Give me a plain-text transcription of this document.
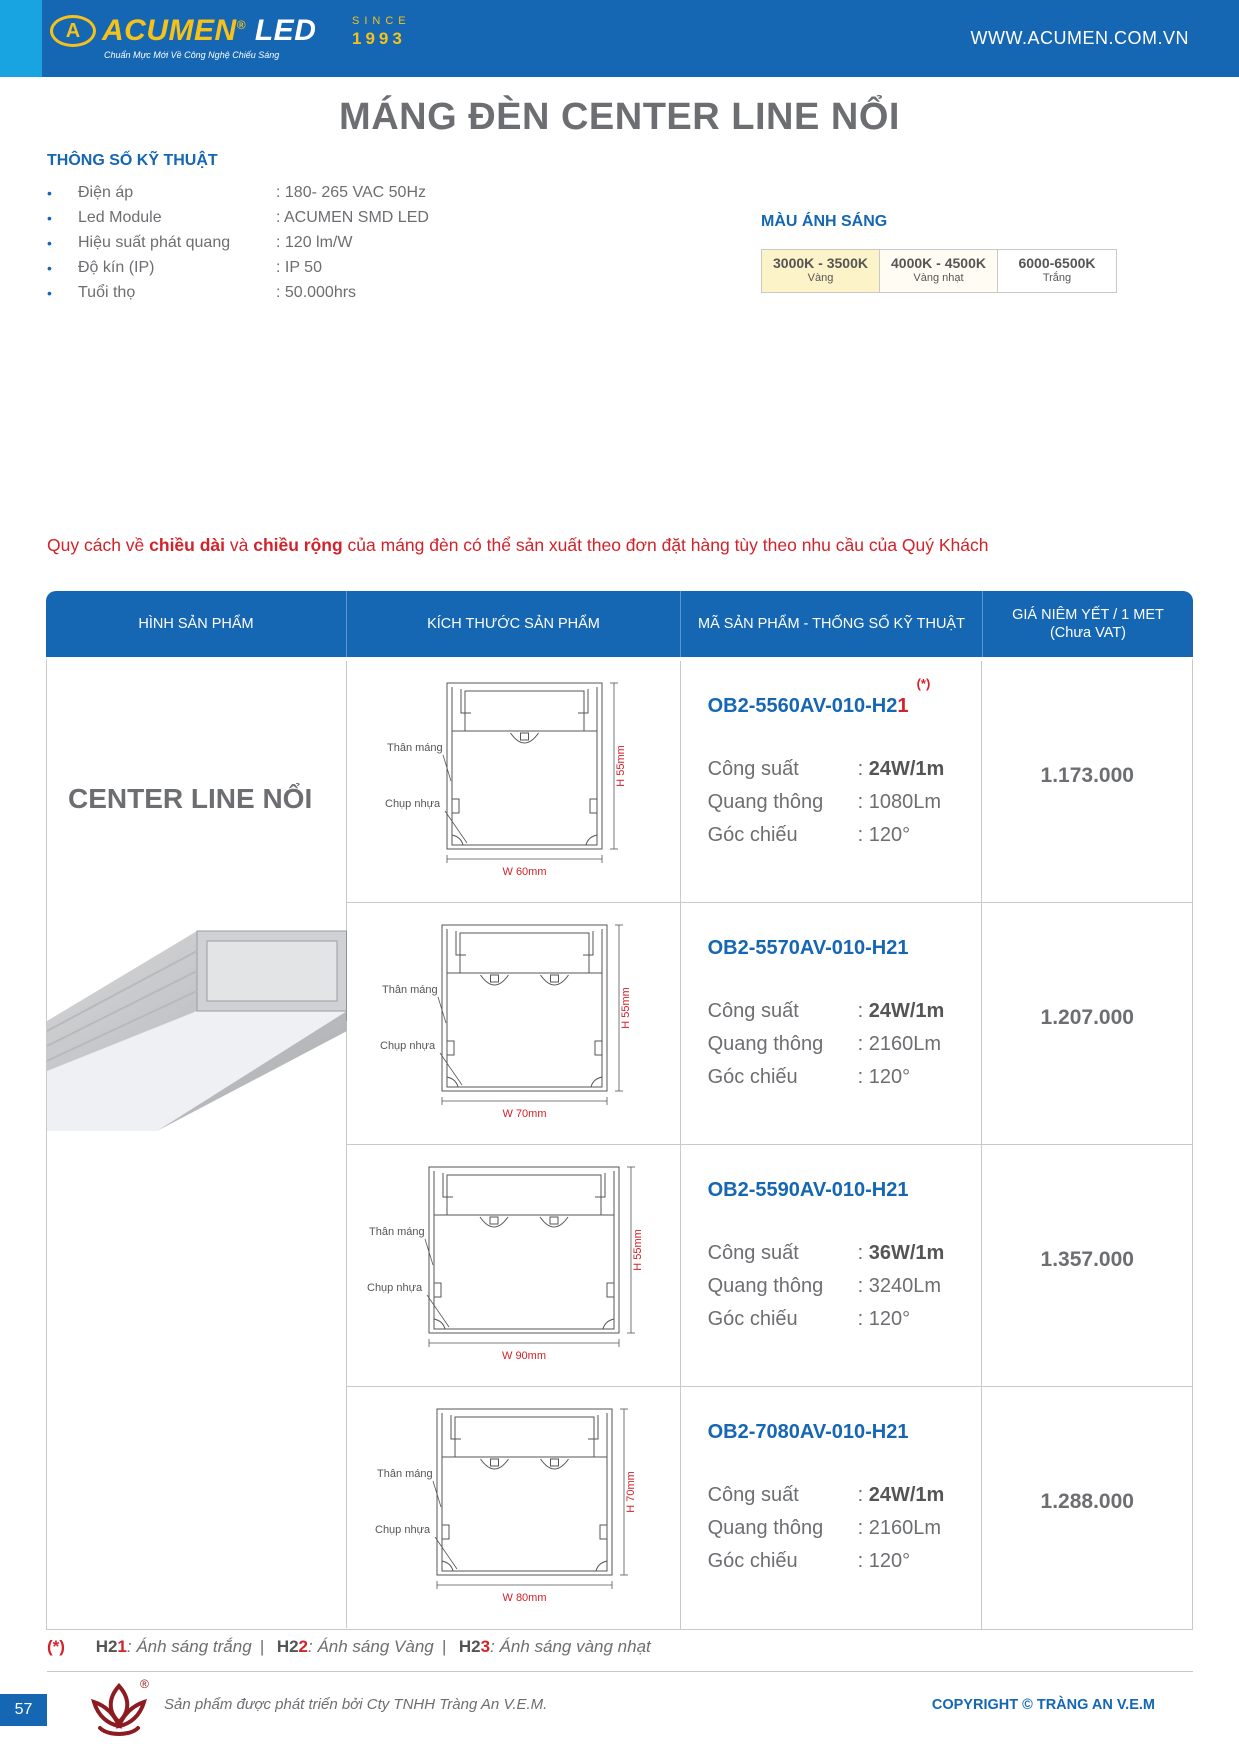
A ACUMEN® LED
Chuẩn Mực Mới Về Công Nghệ Chiếu Sáng
SINCE
1993	WWW.ACUMEN.COM.VN
MÁNG ĐÈN CENTER LINE NỔI
THÔNG SỐ KỸ THUẬT
•	Điện áp	: 180- 265 VAC 50Hz
•	Led Module	: ACUMEN SMD LED
•	Hiệu suất phát quang	: 120 lm/W
•	Độ kín (IP)	: IP 50
•	Tuổi thọ	: 50.000hrs
MÀU ÁNH SÁNG
3000K - 3500K
Vàng
4000K - 4500K
Vàng nhạt
6000-6500K
Trắng
Quy cách về chiều dài và chiều rộng của máng đèn có thể sản xuất theo đơn đặt hàng tùy theo nhu cầu của Quý Khách
HÌNH SẢN PHẨM	KÍCH THƯỚC SẢN PHẨM	MÃ SẢN PHẨM - THỐNG SỐ KỸ THUẬT
GIÁ NIÊM YẾT / 1 MET
(Chưa VAT)
CENTER LINE NỔI
W 60mm
H 55mm
Thân máng
Chụp nhựa
(*)
OB2-5560AV-010-H21
Công suất	: 24W/1m
Quang thông	: 1080Lm
Góc chiếu	: 120°
1.173.000
W 70mm
H 55mm
Thân máng
Chụp nhựa
OB2-5570AV-010-H21
Công suất	: 24W/1m
Quang thông	: 2160Lm
Góc chiếu	: 120°
1.207.000
W 90mm
H 55mm
Thân máng
Chụp nhựa
OB2-5590AV-010-H21
Công suất	: 36W/1m
Quang thông	: 3240Lm
Góc chiếu	: 120°
1.357.000
W 80mm
H 70mm
Thân máng
Chụp nhựa
OB2-7080AV-010-H21
Công suất	: 24W/1m
Quang thông	: 2160Lm
Góc chiếu	: 120°
1.288.000
(*) H21: Ánh sáng trắng | H22: Ánh sáng Vàng | H23: Ánh sáng vàng nhạt
57
®
Sản phẩm được phát triển bởi Cty TNHH Tràng An V.E.M.	COPYRIGHT © TRÀNG AN V.E.M
